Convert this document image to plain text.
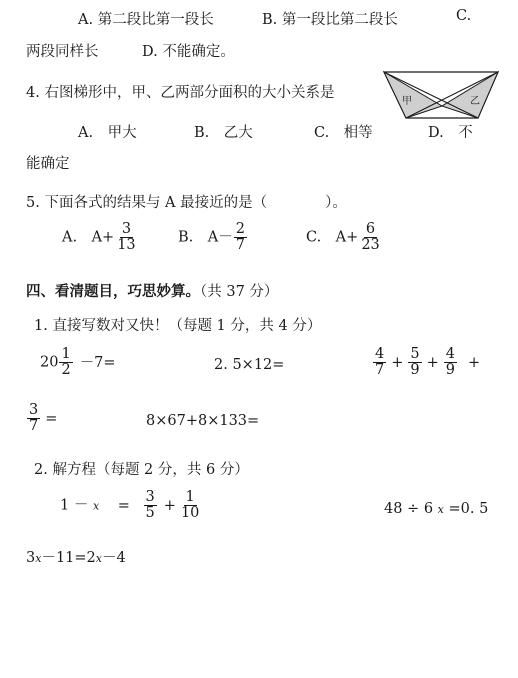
A. 第二段比第一段长	B. 第一段比第二段长	C.
两段同样长	D. 不能确定。
4. 右图梯形中，甲、乙两部分面积的大小关系是
甲	乙
A.　甲大	B.　乙大	C.　相等	D.　不
能确定
5. 下面各式的结果与 A 最接近的是（　　　　）。
A.　$A+ \frac{3}{13}$	B.　$A- \frac{2}{7}$	C.　$A+ \frac{6}{23}$
四、看清题目，巧思妙算。（共 37 分）
1. 直接写数对又快！（每题 1 分，共 4 分）
$20 \frac{1}{2} -7=$	2. 5×12=	$\frac{4}{7} + \frac{5}{9} + \frac{4}{9}$ +
$\frac{3}{7}$ =	8×67+8×133=
2. 解方程（每题 2 分，共 6 分）
$1 - x = \frac{3}{5} + \frac{1}{10}$	48 ÷ 6 x =0. 5
3x－11=2x－4
